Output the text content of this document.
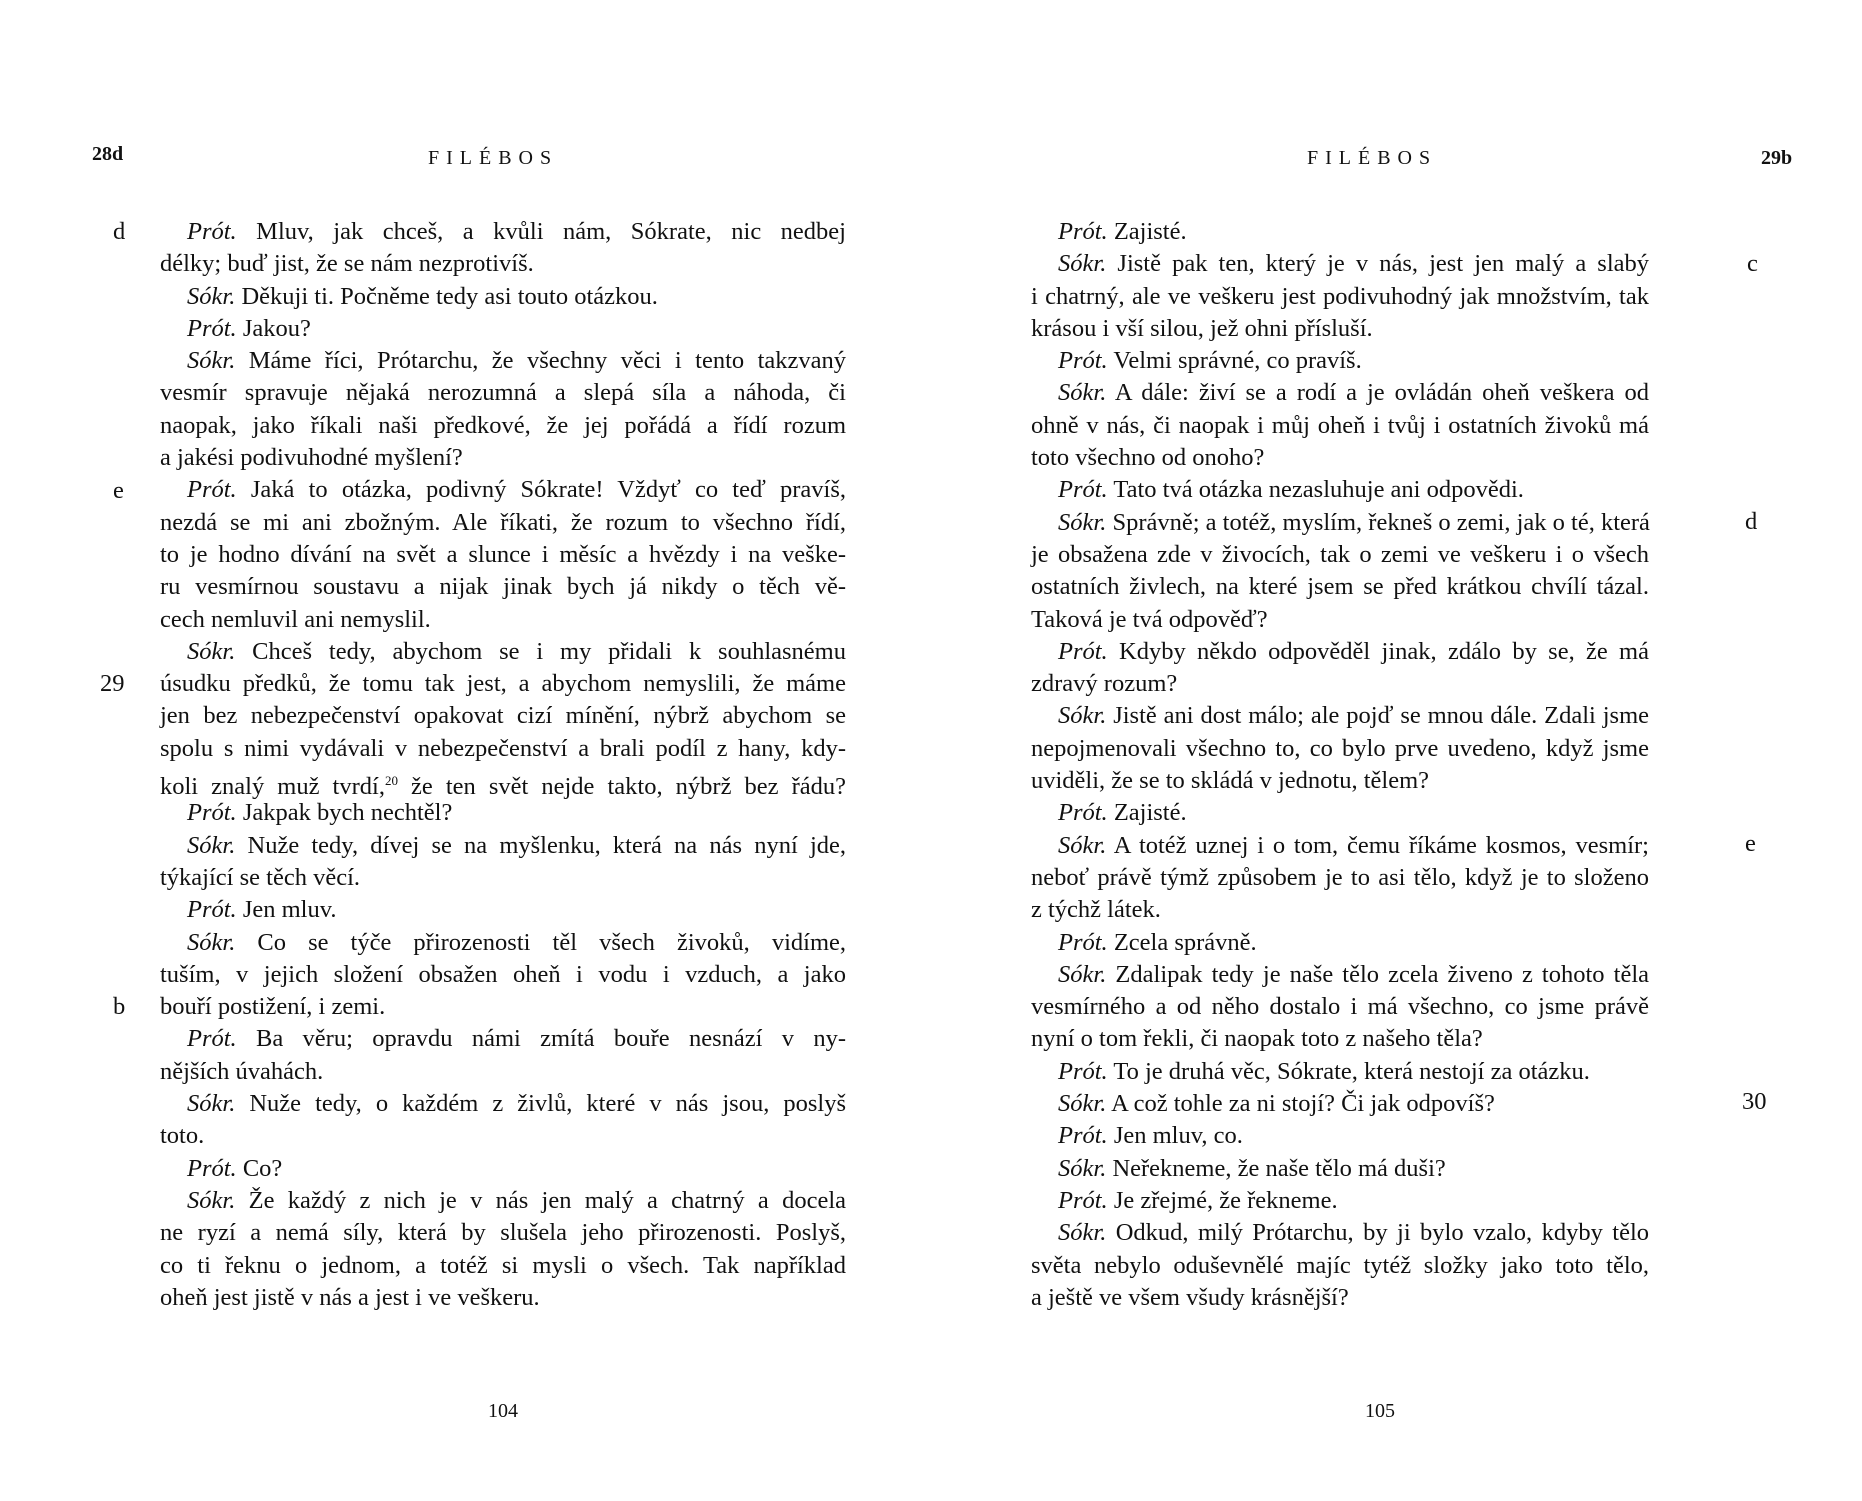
28d	FILÉBOS
d
e
29
b
Prót. Mluv, jak chceš, a kvůli nám, Sókrate, nic nedbej
délky; buď jist, že se nám nezprotivíš.
Sókr. Děkuji ti. Počněme tedy asi touto otázkou.
Prót. Jakou?
Sókr. Máme říci, Prótarchu, že všechny věci i tento takzvaný
vesmír spravuje nějaká nerozumná a slepá síla a náhoda, či
naopak, jako říkali naši předkové, že jej pořádá a řídí rozum
a jakési podivuhodné myšlení?
Prót. Jaká to otázka, podivný Sókrate! Vždyť co teď pravíš,
nezdá se mi ani zbožným. Ale říkati, že rozum to všechno řídí,
to je hodno dívání na svět a slunce i měsíc a hvězdy i na veške-
ru vesmírnou soustavu a nijak jinak bych já nikdy o těch vě-
cech nemluvil ani nemyslil.
Sókr. Chceš tedy, abychom se i my přidali k souhlasnému
úsudku předků, že tomu tak jest, a abychom nemyslili, že máme
jen bez nebezpečenství opakovat cizí mínění, nýbrž abychom se
spolu s nimi vydávali v nebezpečenství a brali podíl z hany, kdy-
koli znalý muž tvrdí,$^{20}$ že ten svět nejde takto, nýbrž bez řádu?
Prót. Jakpak bych nechtěl?
Sókr. Nuže tedy, dívej se na myšlenku, která na nás nyní jde,
týkající se těch věcí.
Prót. Jen mluv.
Sókr. Co se týče přirozenosti těl všech živoků, vidíme,
tuším, v jejich složení obsažen oheň i vodu i vzduch, a jako
bouří postižení, i zemi.
Prót. Ba věru; opravdu námi zmítá bouře nesnází v ny-
nějších úvahách.
Sókr. Nuže tedy, o každém z živlů, které v nás jsou, poslyš
toto.
Prót. Co?
Sókr. Že každý z nich je v nás jen malý a chatrný a docela
ne ryzí a nemá síly, která by slušela jeho přirozenosti. Poslyš,
co ti řeknu o jednom, a totéž si mysli o všech. Tak například
oheň jest jistě v nás a jest i ve veškeru.
104
FILÉBOS	29b
c
d
e
30
Prót. Zajisté.
Sókr. Jistě pak ten, který je v nás, jest jen malý a slabý
i chatrný, ale ve veškeru jest podivuhodný jak množstvím, tak
krásou i vší silou, jež ohni přísluší.
Prót. Velmi správné, co pravíš.
Sókr. A dále: živí se a rodí a je ovládán oheň veškera od
ohně v nás, či naopak i můj oheň i tvůj i ostatních živoků má
toto všechno od onoho?
Prót. Tato tvá otázka nezasluhuje ani odpovědi.
Sókr. Správně; a totéž, myslím, řekneš o zemi, jak o té, která
je obsažena zde v živocích, tak o zemi ve veškeru i o všech
ostatních živlech, na které jsem se před krátkou chvílí tázal.
Taková je tvá odpověď?
Prót. Kdyby někdo odpověděl jinak, zdálo by se, že má
zdravý rozum?
Sókr. Jistě ani dost málo; ale pojď se mnou dále. Zdali jsme
nepojmenovali všechno to, co bylo prve uvedeno, když jsme
uviděli, že se to skládá v jednotu, tělem?
Prót. Zajisté.
Sókr. A totéž uznej i o tom, čemu říkáme kosmos, vesmír;
neboť právě týmž způsobem je to asi tělo, když je to složeno
z týchž látek.
Prót. Zcela správně.
Sókr. Zdalipak tedy je naše tělo zcela živeno z tohoto těla
vesmírného a od něho dostalo i má všechno, co jsme právě
nyní o tom řekli, či naopak toto z našeho těla?
Prót. To je druhá věc, Sókrate, která nestojí za otázku.
Sókr. A což tohle za ni stojí? Či jak odpovíš?
Prót. Jen mluv, co.
Sókr. Neřekneme, že naše tělo má duši?
Prót. Je zřejmé, že řekneme.
Sókr. Odkud, milý Prótarchu, by ji bylo vzalo, kdyby tělo
světa nebylo oduševnělé majíc tytéž složky jako toto tělo,
a ještě ve všem všudy krásnější?
105
